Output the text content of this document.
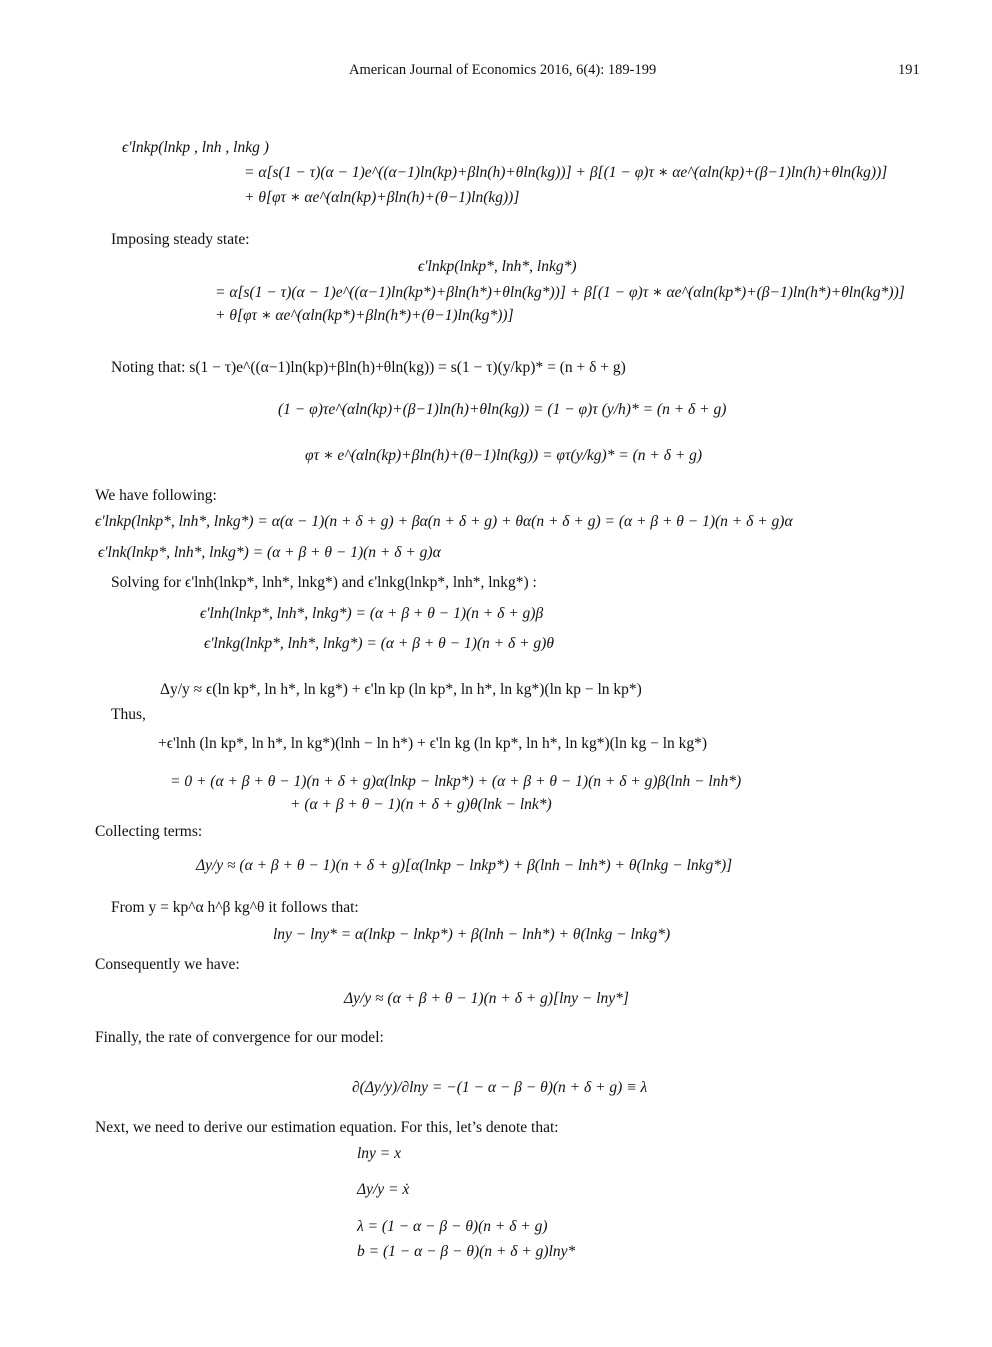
American Journal of Economics 2016, 6(4): 189-199	191
ϵ'lnkp(lnkp , lnh , lnkg )
= α[s(1 − τ)(α − 1)e^((α−1)ln(kp)+βln(h)+θln(kg))] + β[(1 − φ)τ ∗ αe^(αln(kp)+(β−1)ln(h)+θln(kg))]
+ θ[φτ ∗ αe^(αln(kp)+βln(h)+(θ−1)ln(kg))]
Imposing steady state:
ϵ'lnkp(lnkp*, lnh*, lnkg*)
= α[s(1 − τ)(α − 1)e^((α−1)ln(kp*)+βln(h*)+θln(kg*))] + β[(1 − φ)τ ∗ αe^(αln(kp*)+(β−1)ln(h*)+θln(kg*))]
+ θ[φτ ∗ αe^(αln(kp*)+βln(h*)+(θ−1)ln(kg*))]
Noting that: s(1 − τ)e^((α−1)ln(kp)+βln(h)+θln(kg)) = s(1 − τ)(y/kp)* = (n + δ + g)
(1 − φ)τe^(αln(kp)+(β−1)ln(h)+θln(kg)) = (1 − φ)τ (y/h)* = (n + δ + g)
φτ ∗ e^(αln(kp)+βln(h)+(θ−1)ln(kg)) = φτ(y/kg)* = (n + δ + g)
We have following:
ϵ'lnkp(lnkp*, lnh*, lnkg*) = α(α − 1)(n + δ + g) + βα(n + δ + g) + θα(n + δ + g) = (α + β + θ − 1)(n + δ + g)α
ϵ'lnk(lnkp*, lnh*, lnkg*) = (α + β + θ − 1)(n + δ + g)α
Solving for ϵ'lnh(lnkp*, lnh*, lnkg*) and ϵ'lnkg(lnkp*, lnh*, lnkg*) :
ϵ'lnh(lnkp*, lnh*, lnkg*) = (α + β + θ − 1)(n + δ + g)β
ϵ'lnkg(lnkp*, lnh*, lnkg*) = (α + β + θ − 1)(n + δ + g)θ
Δy/y ≈ ϵ(ln kp*, ln h*, ln kg*) + ϵ'ln kp (ln kp*, ln h*, ln kg*)(ln kp − ln kp*)
Thus,
+ϵ'lnh (ln kp*, ln h*, ln kg*)(lnh − ln h*) + ϵ'ln kg (ln kp*, ln h*, ln kg*)(ln kg − ln kg*)
= 0 + (α + β + θ − 1)(n + δ + g)α(lnkp − lnkp*) + (α + β + θ − 1)(n + δ + g)β(lnh − lnh*)
+ (α + β + θ − 1)(n + δ + g)θ(lnk − lnk*)
Collecting terms:
Δy/y ≈ (α + β + θ − 1)(n + δ + g)[α(lnkp − lnkp*) + β(lnh − lnh*) + θ(lnkg − lnkg*)]
From y = kp^α h^β kg^θ it follows that:
lny − lny* = α(lnkp − lnkp*) + β(lnh − lnh*) + θ(lnkg − lnkg*)
Consequently we have:
Δy/y ≈ (α + β + θ − 1)(n + δ + g)[lny − lny*]
Finally, the rate of convergence for our model:
∂(Δy/y)/∂lny = −(1 − α − β − θ)(n + δ + g) ≡ λ
Next, we need to derive our estimation equation. For this, let’s denote that:
lny = x
Δy/y = ẋ
λ = (1 − α − β − θ)(n + δ + g)
b = (1 − α − β − θ)(n + δ + g)lny*
